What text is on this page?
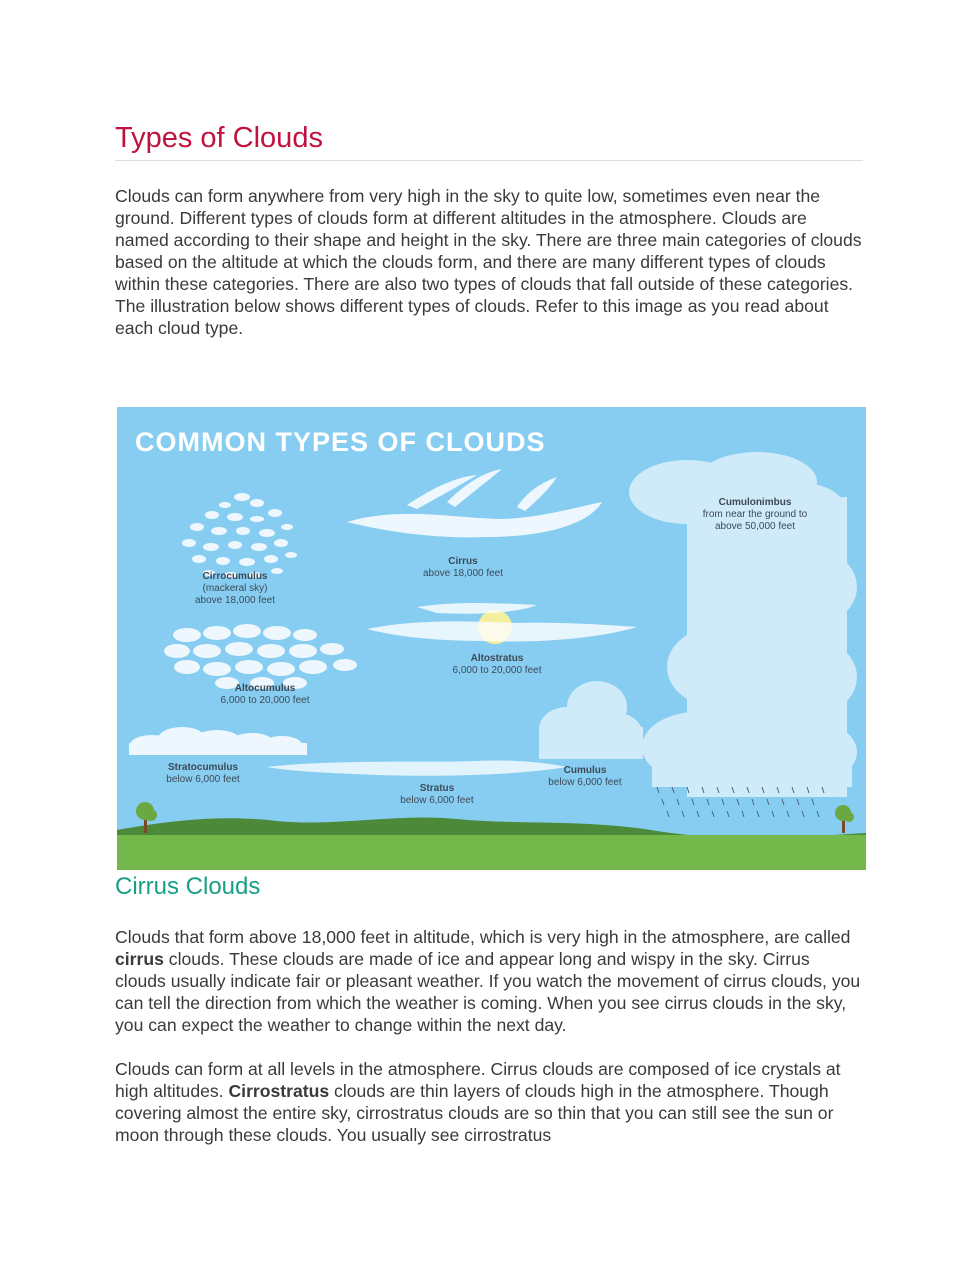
Types of Clouds

Clouds can form anywhere from very high in the sky to quite low, sometimes even near the ground. Different types of clouds form at different altitudes in the atmosphere. Clouds are named according to their shape and height in the sky. There are three main categories of clouds based on the altitude at which the clouds form, and there are many different types of clouds within these categories. There are also two types of clouds that fall outside of these categories. The illustration below shows different types of clouds. Refer to this image as you read about each cloud type.

COMMON TYPES OF CLOUDS
Cirrocumulus
(mackeral sky)
above 18,000 feet
Cirrus
above 18,000 feet
Cumulonimbus
from near the ground to
above 50,000 feet
Altostratus
6,000 to 20,000 feet
Altocumulus
6,000 to 20,000 feet
Stratocumulus
below 6,000 feet
Stratus
below 6,000 feet
Cumulus
below 6,000 feet
Cirrus Clouds

Clouds that form above 18,000 feet in altitude, which is very high in the atmosphere, are called cirrus clouds. These clouds are made of ice and appear long and wispy in the sky. Cirrus clouds usually indicate fair or pleasant weather. If you watch the movement of cirrus clouds, you can tell the direction from which the weather is coming. When you see cirrus clouds in the sky, you can expect the weather to change within the next day.

Clouds can form at all levels in the atmosphere. Cirrus clouds are composed of ice crystals at high altitudes. Cirrostratus clouds are thin layers of clouds high in the atmosphere. Though covering almost the entire sky, cirrostratus clouds are so thin that you can still see the sun or moon through these clouds. You usually see cirrostratus
